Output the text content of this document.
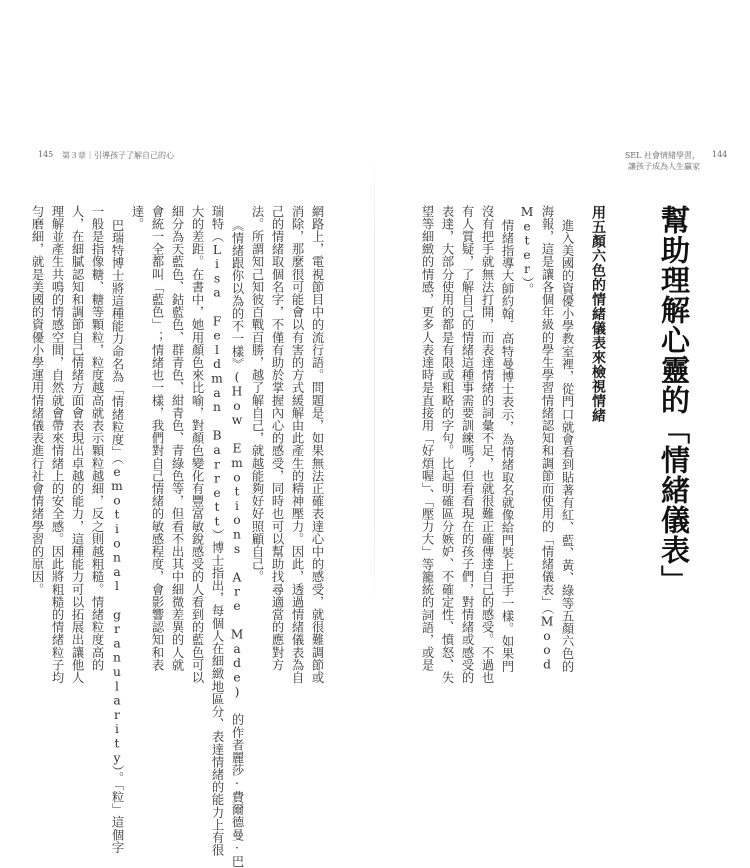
145 第３章｜引導孩子了解自己的心
網路上，電視節目中的流行語。問題是，如果無法正確表達心中的感受，就很難調節或
消除，那麼很可能會以有害的方式緩解由此產生的精神壓力。因此，透過情緒儀表為自
己的情緒取個名字，不僅有助於掌握內心的感受，同時也可以幫助找尋適當的應對方
法。所謂知己知彼百戰百勝，越了解自己，就越能夠好好照顧自己。
《情緒跟你以為的不一樣》(How Emotions Are Made) 的作者麗莎·費爾德曼·巴
瑞特（Lisa Feldman Barrett）博士指出，每個人在細緻地區分、表達情緒的能力上有很
大的差距。在書中，她用顏色來比喻，對顏色變化有豐富敏銳感受的人看到的藍色可以
細分為天藍色、鈷藍色、群青色、紺青色、青綠色等，但看不出其中細微差異的人就
會統一全都叫「藍色」；情緒也一樣，我們對自己情緒的敏感程度，會影響認知和表
達。
巴瑞特博士將這種能力命名為「情緒粒度」（emotional granularity）。「粒」這個字
一般是指像糖、糖等顆粒，粒度越高就表示顆粒越細，反之則越粗糙。情緒粒度高的
人，在細膩認知和調節自己情緒方面會表現出卓越的能力，這種能力可以拓展出讓他人
理解並產生共鳴的情感空間，自然就會帶來情緒上的安全感。因此將粗糙的情緒粒子均
勻磨細，就是美國的資優小學運用情緒儀表進行社會情緒學習的原因。
SEL 社會情緒學習，
讓孩子成為人生贏家
144
幫助理解心靈的「情緒儀表」
用五顏六色的情緒儀表來檢視情緒
進入美國的資優小學教室裡，從門口就會看到貼著有紅、藍、黃、綠等五顏六色的
海報，這是讓各個年級的學生學習情緒認知和調節而使用的「情緒儀表」（Mood
Meter）。
情緒指導大師約翰．高特曼博士表示，為情緒取名就像給門裝上把手一樣。如果門
沒有把手就無法打開，而表達情緒的詞彙不足，也就很難正確傳達自己的感受。不過也
有人質疑，了解自己的情緒這種事需要訓練嗎？但看看現在的孩子們，對情緒或感受的
表達，大部分使用的都是有限或粗略的字句。比起明確區分嫉妒、不確定性、憤怒、失
望等細緻的情感，更多人表達時是直接用「好煩喔」、「壓力大」等籠統的詞語，或是
